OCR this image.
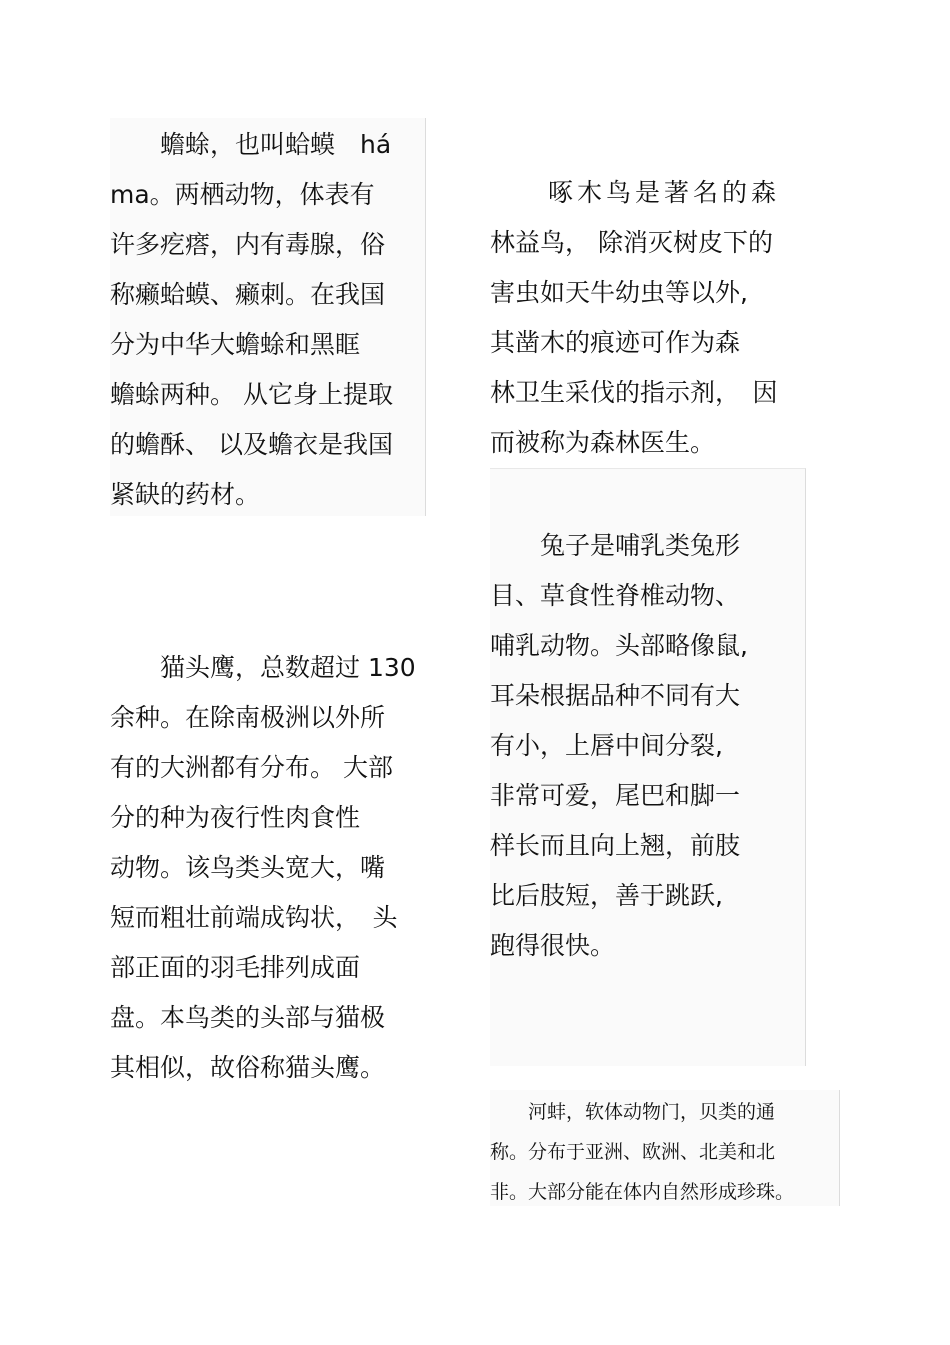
　　蟾蜍，也叫蛤蟆　há
ma。两栖动物，体表有
许多疙瘩，内有毒腺，俗
称癞蛤蟆、癞刺。在我国
分为中华大蟾蜍和黑眶
蟾蜍两种。 从它身上提取
的蟾酥、 以及蟾衣是我国
紧缺的药材。
　　啄木鸟是著名的森
林益鸟， 除消灭树皮下的
害虫如天牛幼虫等以外,
其凿木的痕迹可作为森
林卫生采伐的指示剂，　因
而被称为森林医生。
　　兔子是哺乳类兔形
目、草食性脊椎动物、
哺乳动物。头部略像鼠,
耳朵根据品种不同有大
有小，上唇中间分裂,
非常可爱，尾巴和脚一
样长而且向上翘，前肢
比后肢短，善于跳跃,
跑得很快。
　　猫头鹰，总数超过 130
余种。在除南极洲以外所
有的大洲都有分布。 大部
分的种为夜行性肉食性
动物。该鸟类头宽大，嘴
短而粗壮前端成钩状，　头
部正面的羽毛排列成面
盘。本鸟类的头部与猫极
其相似，故俗称猫头鹰。
　　河蚌，软体动物门，贝类的通
称。分布于亚洲、欧洲、北美和北
非。大部分能在体内自然形成珍珠。
